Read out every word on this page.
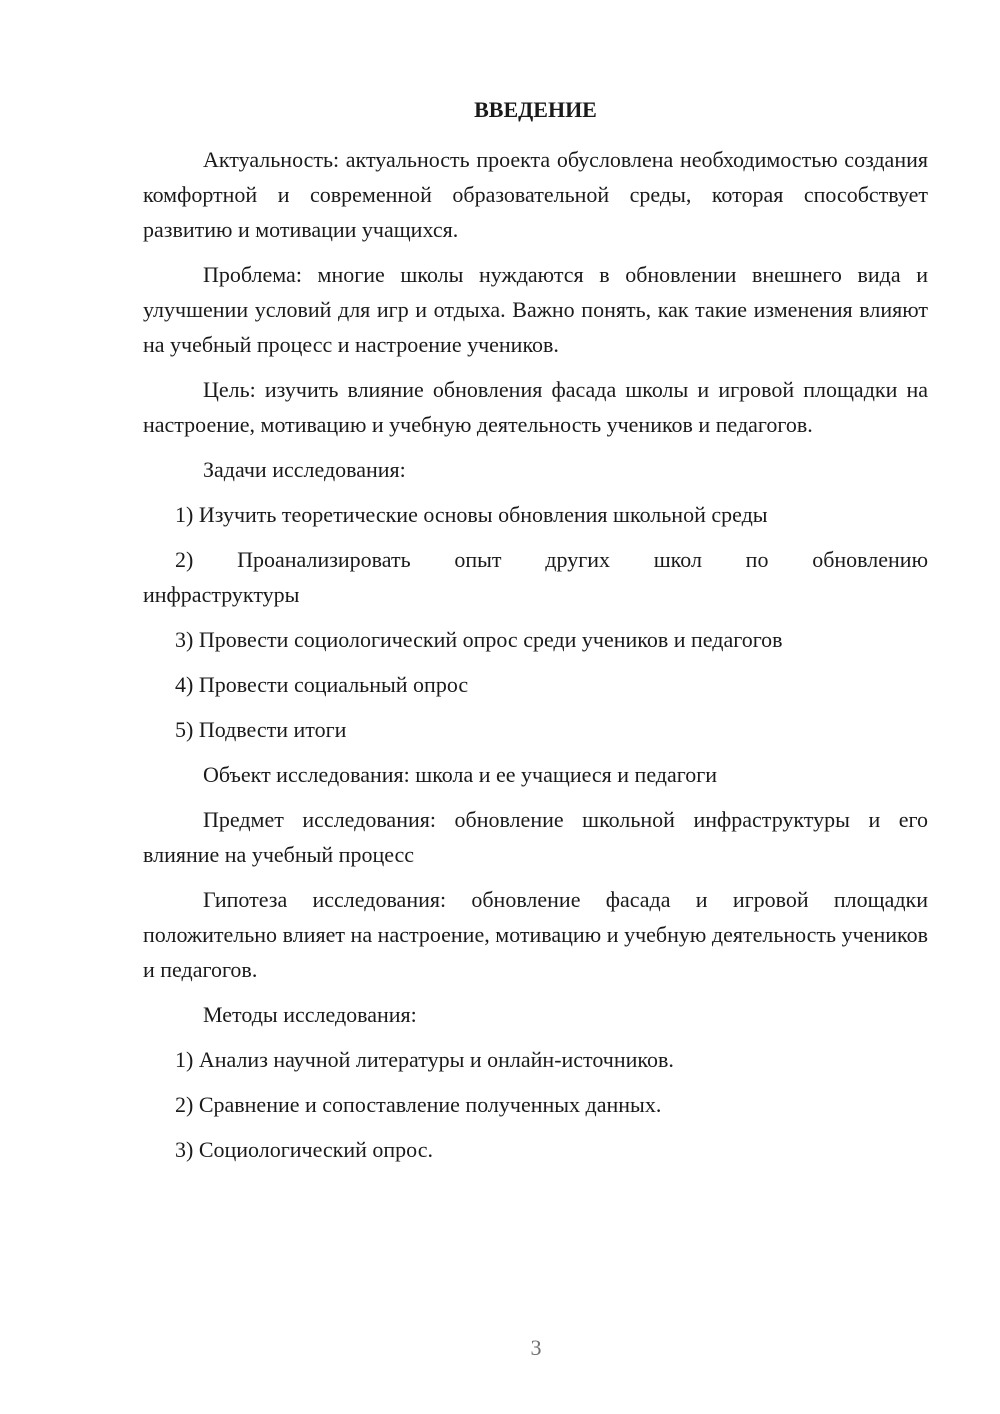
ВВЕДЕНИЕ

Актуальность: актуальность проекта обусловлена необходимостью создания комфортной и современной образовательной среды, которая способствует развитию и мотивации учащихся.

Проблема: многие школы нуждаются в обновлении внешнего вида и улучшении условий для игр и отдыха. Важно понять, как такие изменения влияют на учебный процесс и настроение учеников.

Цель: изучить влияние обновления фасада школы и игровой площадки на настроение, мотивацию и учебную деятельность учеников и педагогов.

Задачи исследования:

1) Изучить теоретические основы обновления школьной среды

2) Проанализировать опыт других школ по обновлению
инфраструктуры

3) Провести социологический опрос среди учеников и педагогов

4) Провести социальный опрос

5) Подвести итоги

Объект исследования: школа и ее учащиеся и педагоги

Предмет исследования: обновление школьной инфраструктуры и его влияние на учебный процесс

Гипотеза исследования: обновление фасада и игровой площадки положительно влияет на настроение, мотивацию и учебную деятельность учеников и педагогов.

Методы исследования:

1) Анализ научной литературы и онлайн-источников.

2) Сравнение и сопоставление полученных данных.

3) Социологический опрос.

3
